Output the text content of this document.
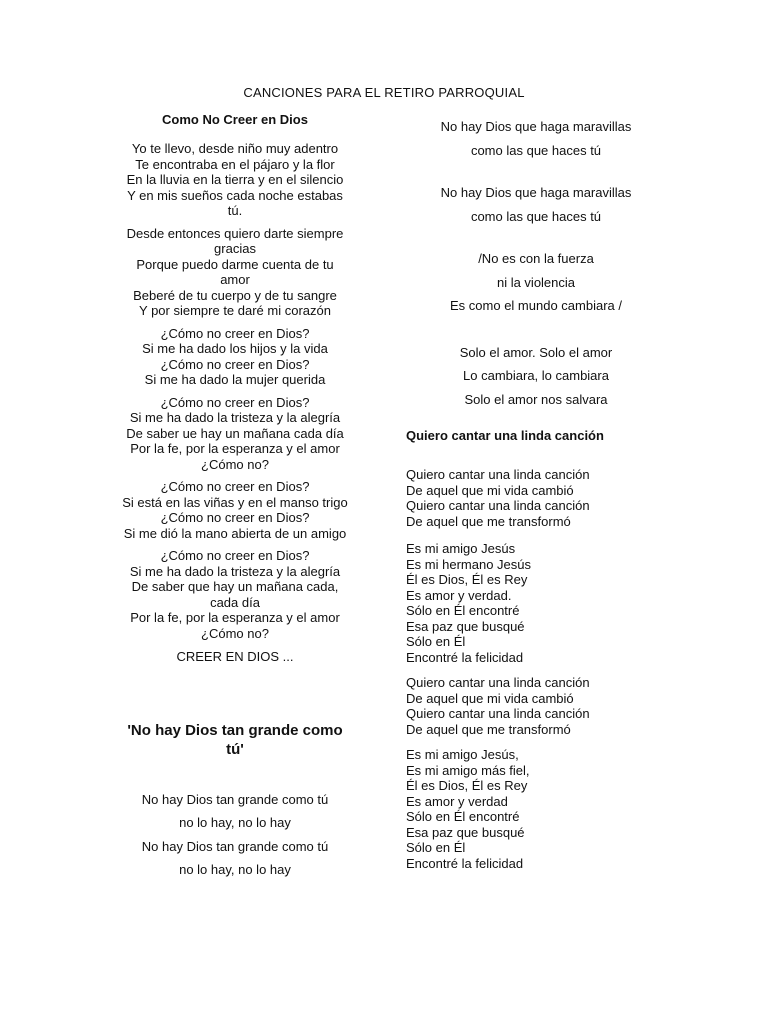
CANCIONES PARA EL RETIRO PARROQUIAL
Como No Creer en Dios
Yo te llevo, desde niño muy adentro
Te encontraba en el pájaro y la flor
En la lluvia en la tierra y en el silencio
Y en mis sueños cada noche estabas
tú.
Desde entonces quiero darte siempre
gracias
Porque puedo darme cuenta de tu
amor
Beberé de tu cuerpo y de tu sangre
Y por siempre te daré mi corazón
¿Cómo no creer en Dios?
Si me ha dado los hijos y la vida
¿Cómo no creer en Dios?
Si me ha dado la mujer querida
¿Cómo no creer en Dios?
Si me ha dado la tristeza y la alegría
De saber ue hay un mañana cada día
Por la fe, por la esperanza y el amor
¿Cómo no?
¿Cómo no creer en Dios?
Si está en las viñas y en el manso trigo
¿Cómo no creer en Dios?
Si me dió la mano abierta de un amigo
¿Cómo no creer en Dios?
Si me ha dado la tristeza y la alegría
De saber que hay un mañana cada,
cada día
Por la fe, por la esperanza y el amor
¿Cómo no?
CREER EN DIOS ...
'No hay Dios tan grande como
tú'
No hay Dios tan grande como tú
no lo hay, no lo hay
No hay Dios tan grande como tú
no lo hay, no lo hay
No hay Dios que haga maravillas
como las que haces tú
No hay Dios que haga maravillas
como las que haces tú
/No es con la fuerza
ni la violencia
Es como el mundo cambiara /
Solo el amor. Solo el amor
Lo cambiara, lo cambiara
Solo el amor nos salvara
Quiero cantar una linda canción
Quiero cantar una linda canción
De aquel que mi vida cambió
Quiero cantar una linda canción
De aquel que me transformó
Es mi amigo Jesús
Es mi hermano Jesús
Él es Dios, Él es Rey
Es amor y verdad.
Sólo en Él encontré
Esa paz que busqué
Sólo en Él
Encontré la felicidad
Quiero cantar una linda canción
De aquel que mi vida cambió
Quiero cantar una linda canción
De aquel que me transformó
Es mi amigo Jesús,
Es mi amigo más fiel,
Él es Dios, Él es Rey
Es amor y verdad
Sólo en Él encontré
Esa paz que busqué
Sólo en Él
Encontré la felicidad
